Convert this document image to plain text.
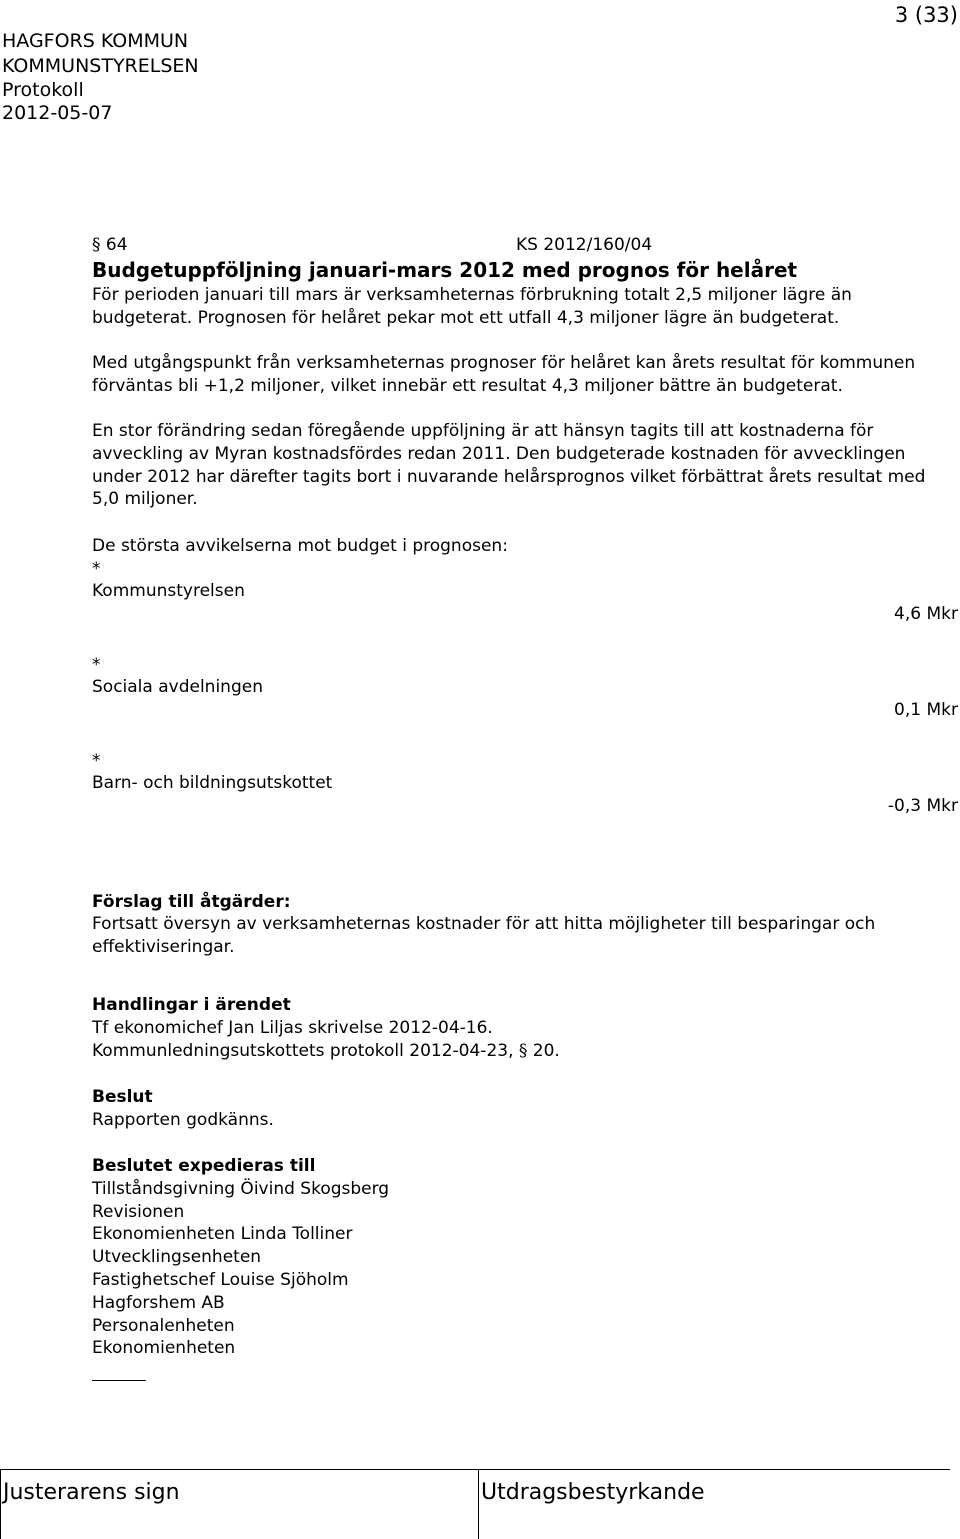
HAGFORS KOMMUN
KOMMUNSTYRELSEN
Protokoll
2012-05-07
3 (33)
§ 64	KS 2012/160/04
Budgetuppföljning januari-mars 2012 med prognos för helåret
För perioden januari till mars är verksamheternas förbrukning totalt 2,5 miljoner lägre än budgeterat. Prognosen för helåret pekar mot ett utfall 4,3 miljoner lägre än budgeterat.
Med utgångspunkt från verksamheternas prognoser för helåret kan årets resultat för kommunen förväntas bli +1,2 miljoner, vilket innebär ett resultat 4,3 miljoner bättre än budgeterat.
En stor förändring sedan föregående uppföljning är att hänsyn tagits till att kostnaderna för avveckling av Myran kostnadsfördes redan 2011. Den budgeterade kostnaden för avvecklingen under 2012 har därefter tagits bort i nuvarande helårsprognos vilket förbättrat årets resultat med 5,0 miljoner.
De största avvikelserna mot budget i prognosen:
*
Kommunstyrelsen
4,6 Mkr
*
Sociala avdelningen
0,1 Mkr
*
Barn- och bildningsutskottet
-0,3 Mkr
Förslag till åtgärder:
Fortsatt översyn av verksamheternas kostnader för att hitta möjligheter till besparingar och effektiviseringar.
Handlingar i ärendet
Tf ekonomichef Jan Liljas skrivelse 2012-04-16.
Kommunledningsutskottets protokoll 2012-04-23, § 20.
Beslut
Rapporten godkänns.
Beslutet expedieras till
Tillståndsgivning Öivind Skogsberg
Revisionen
Ekonomienheten Linda Tolliner
Utvecklingsenheten
Fastighetschef Louise Sjöholm
Hagforshem AB
Personalenheten
Ekonomienheten
Justerarens sign	Utdragsbestyrkande
